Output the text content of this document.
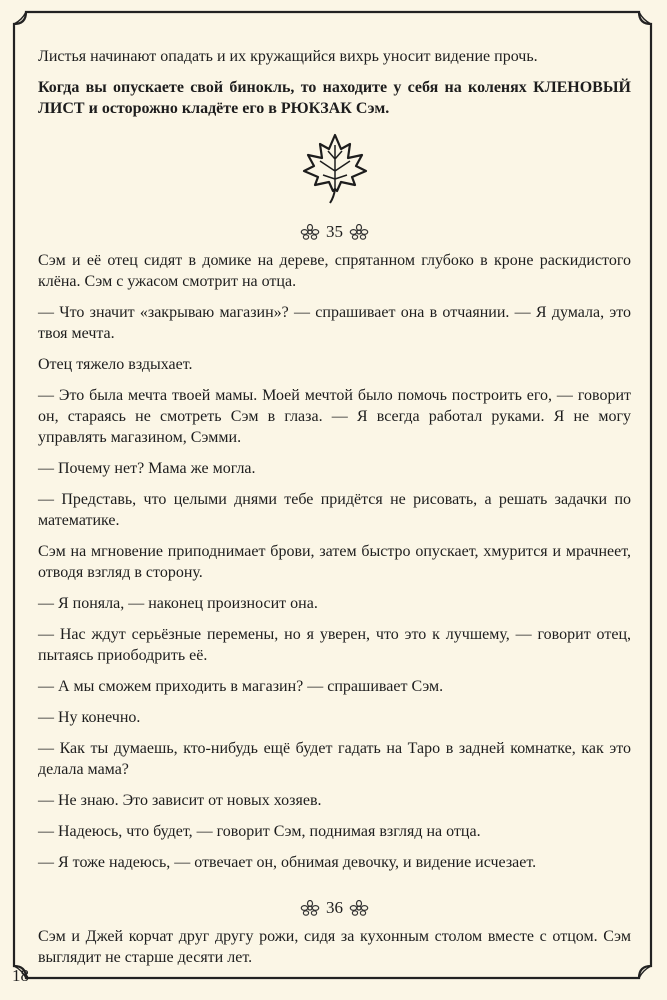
Листья начинают опадать и их кружащийся вихрь уносит видение прочь.

Когда вы опускаете свой бинокль, то находите у себя на коленях КЛЕНОВЫЙ ЛИСТ и осторожно кладёте его в РЮКЗАК Сэм.

35

Сэм и её отец сидят в домике на дереве, спрятанном глубоко в кроне раскидистого клёна. Сэм с ужасом смотрит на отца.

— Что значит «закрываю магазин»? — спрашивает она в отчаянии. — Я думала, это твоя мечта.

Отец тяжело вздыхает.

— Это была мечта твоей мамы. Моей мечтой было помочь построить его, — говорит он, стараясь не смотреть Сэм в глаза. — Я всегда работал руками. Я не могу управлять магазином, Сэмми.

— Почему нет? Мама же могла.

— Представь, что целыми днями тебе придётся не рисовать, а решать задачки по математике.

Сэм на мгновение приподнимает брови, затем быстро опускает, хмурится и мрачнеет, отводя взгляд в сторону.

— Я поняла, — наконец произносит она.

— Нас ждут серьёзные перемены, но я уверен, что это к лучшему, — говорит отец, пытаясь приободрить её.

— А мы сможем приходить в магазин? — спрашивает Сэм.

— Ну конечно.

— Как ты думаешь, кто-нибудь ещё будет гадать на Таро в задней комнатке, как это делала мама?

— Не знаю. Это зависит от новых хозяев.

— Надеюсь, что будет, — говорит Сэм, поднимая взгляд на отца.

— Я тоже надеюсь, — отвечает он, обнимая девочку, и видение исчезает.

36

Сэм и Джей корчат друг другу рожи, сидя за кухонным столом вместе с отцом. Сэм выглядит не старше десяти лет.

18
